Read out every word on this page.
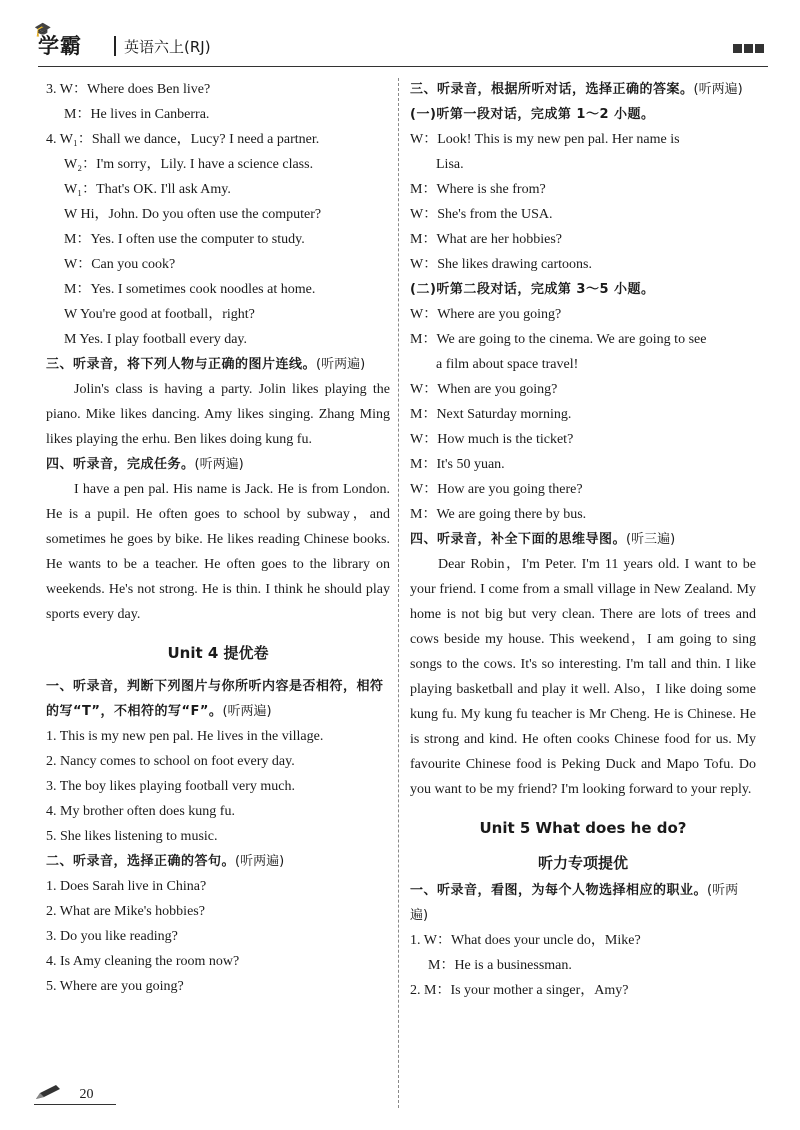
🎓
学霸	英语六上(RJ)

3. W：Where does Ben live?

M：He lives in Canberra.

4. W₁：Shall we dance，Lucy? I need a partner.

W₂：I'm sorry，Lily. I have a science class.

W₁：That's OK. I'll ask Amy.

W Hi，John. Do you often use the computer?

M：Yes. I often use the computer to study.

W：Can you cook?

M：Yes. I sometimes cook noodles at home.

W You're good at football，right?

M Yes. I play football every day.

三、听录音，将下列人物与正确的图片连线。(听两遍)

Jolin's class is having a party. Jolin likes playing the piano. Mike likes dancing. Amy likes singing. Zhang Ming likes playing the erhu. Ben likes doing kung fu.

四、听录音，完成任务。(听两遍)

I have a pen pal. His name is Jack. He is from London. He is a pupil. He often goes to school by subway，and sometimes he goes by bike. He likes reading Chinese books. He wants to be a teacher. He often goes to the library on weekends. He's not strong. He is thin. I think he should play sports every day.

Unit 4 提优卷

一、听录音，判断下列图片与你所听内容是否相符，相符的写“T”，不相符的写“F”。(听两遍)

1. This is my new pen pal. He lives in the village.

2. Nancy comes to school on foot every day.

3. The boy likes playing football very much.

4. My brother often does kung fu.

5. She likes listening to music.

二、听录音，选择正确的答句。(听两遍)

1. Does Sarah live in China?

2. What are Mike's hobbies?

3. Do you like reading?

4. Is Amy cleaning the room now?

5. Where are you going?

三、听录音，根据所听对话，选择正确的答案。(听两遍)

(一)听第一段对话，完成第 1～2 小题。

W：Look! This is my new pen pal. Her name is

Lisa.

M：Where is she from?

W：She's from the USA.

M：What are her hobbies?

W：She likes drawing cartoons.

(二)听第二段对话，完成第 3～5 小题。

W：Where are you going?

M：We are going to the cinema. We are going to see

a film about space travel!

W：When are you going?

M：Next Saturday morning.

W：How much is the ticket?

M：It's 50 yuan.

W：How are you going there?

M：We are going there by bus.

四、听录音，补全下面的思维导图。(听三遍)

Dear Robin，I'm Peter. I'm 11 years old. I want to be your friend. I come from a small village in New Zealand. My home is not big but very clean. There are lots of trees and cows beside my house. This weekend，I am going to sing songs to the cows. It's so interesting. I'm tall and thin. I like playing basketball and play it well. Also，I like doing some kung fu. My kung fu teacher is Mr Cheng. He is Chinese. He is strong and kind. He often cooks Chinese food for us. My favourite Chinese food is Peking Duck and Mapo Tofu. Do you want to be my friend? I'm looking forward to your reply.

Unit 5 What does he do?
听力专项提优

一、听录音，看图，为每个人物选择相应的职业。(听两遍)

1. W：What does your uncle do，Mike?

M：He is a businessman.

2. M：Is your mother a singer，Amy?

20
